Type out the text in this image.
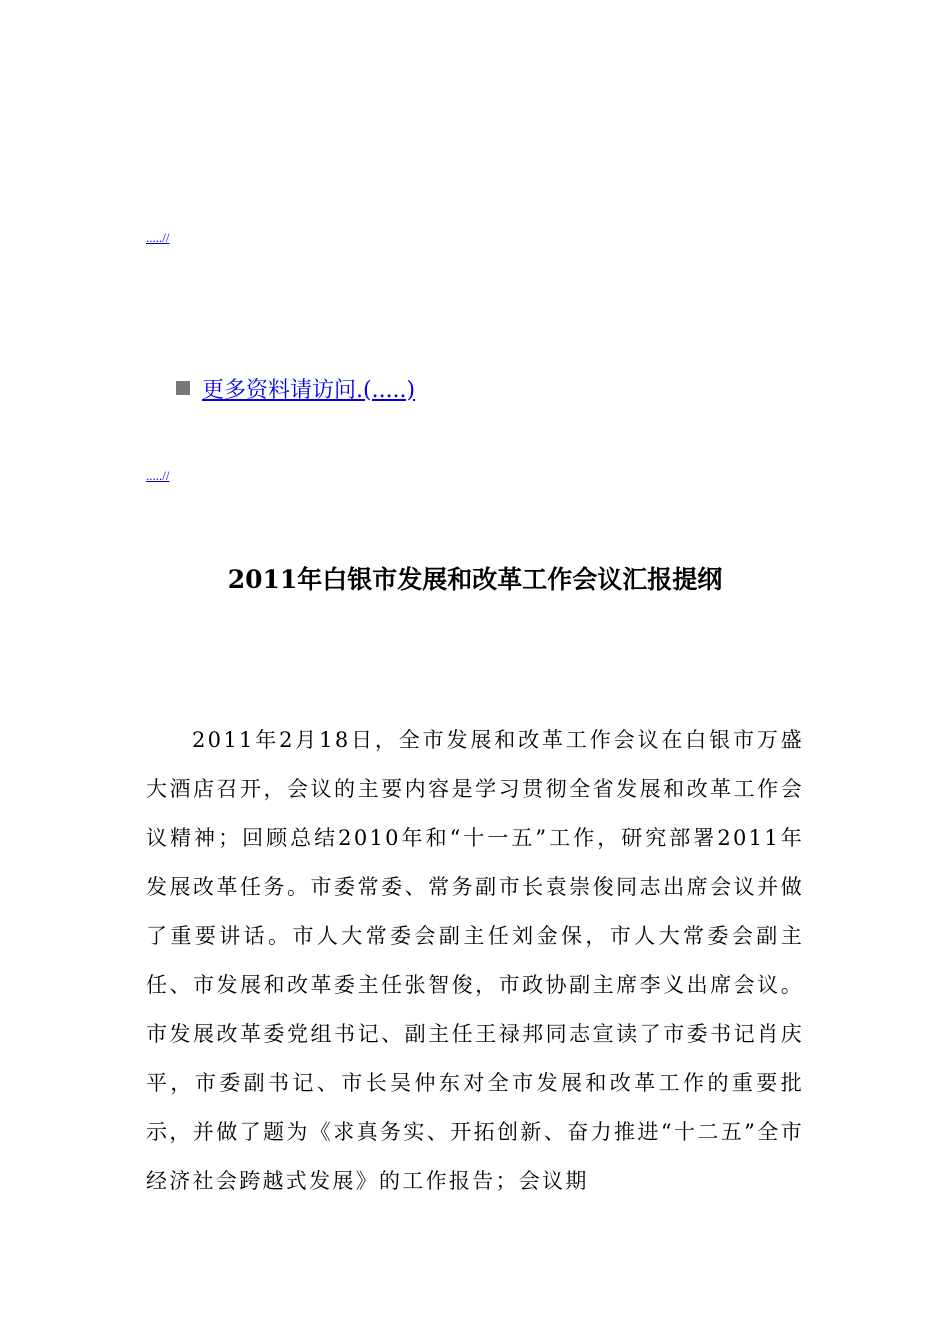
.....//
更多资料请访问.(.....)
.....//
2011年白银市发展和改革工作会议汇报提纲
2011年2月18日，全市发展和改革工作会议在白银市万盛大酒店召开，会议的主要内容是学习贯彻全省发展和改革工作会议精神；回顾总结2010年和“十一五”工作，研究部署2011年发展改革任务。市委常委、常务副市长袁崇俊同志出席会议并做了重要讲话。市人大常委会副主任刘金保，市人大常委会副主任、市发展和改革委主任张智俊，市政协副主席李义出席会议。市发展改革委党组书记、副主任王禄邦同志宣读了市委书记肖庆平，市委副书记、市长吴仲东对全市发展和改革工作的重要批示，并做了题为《求真务实、开拓创新、奋力推进“十二五”全市经济社会跨越式发展》的工作报告；会议期
